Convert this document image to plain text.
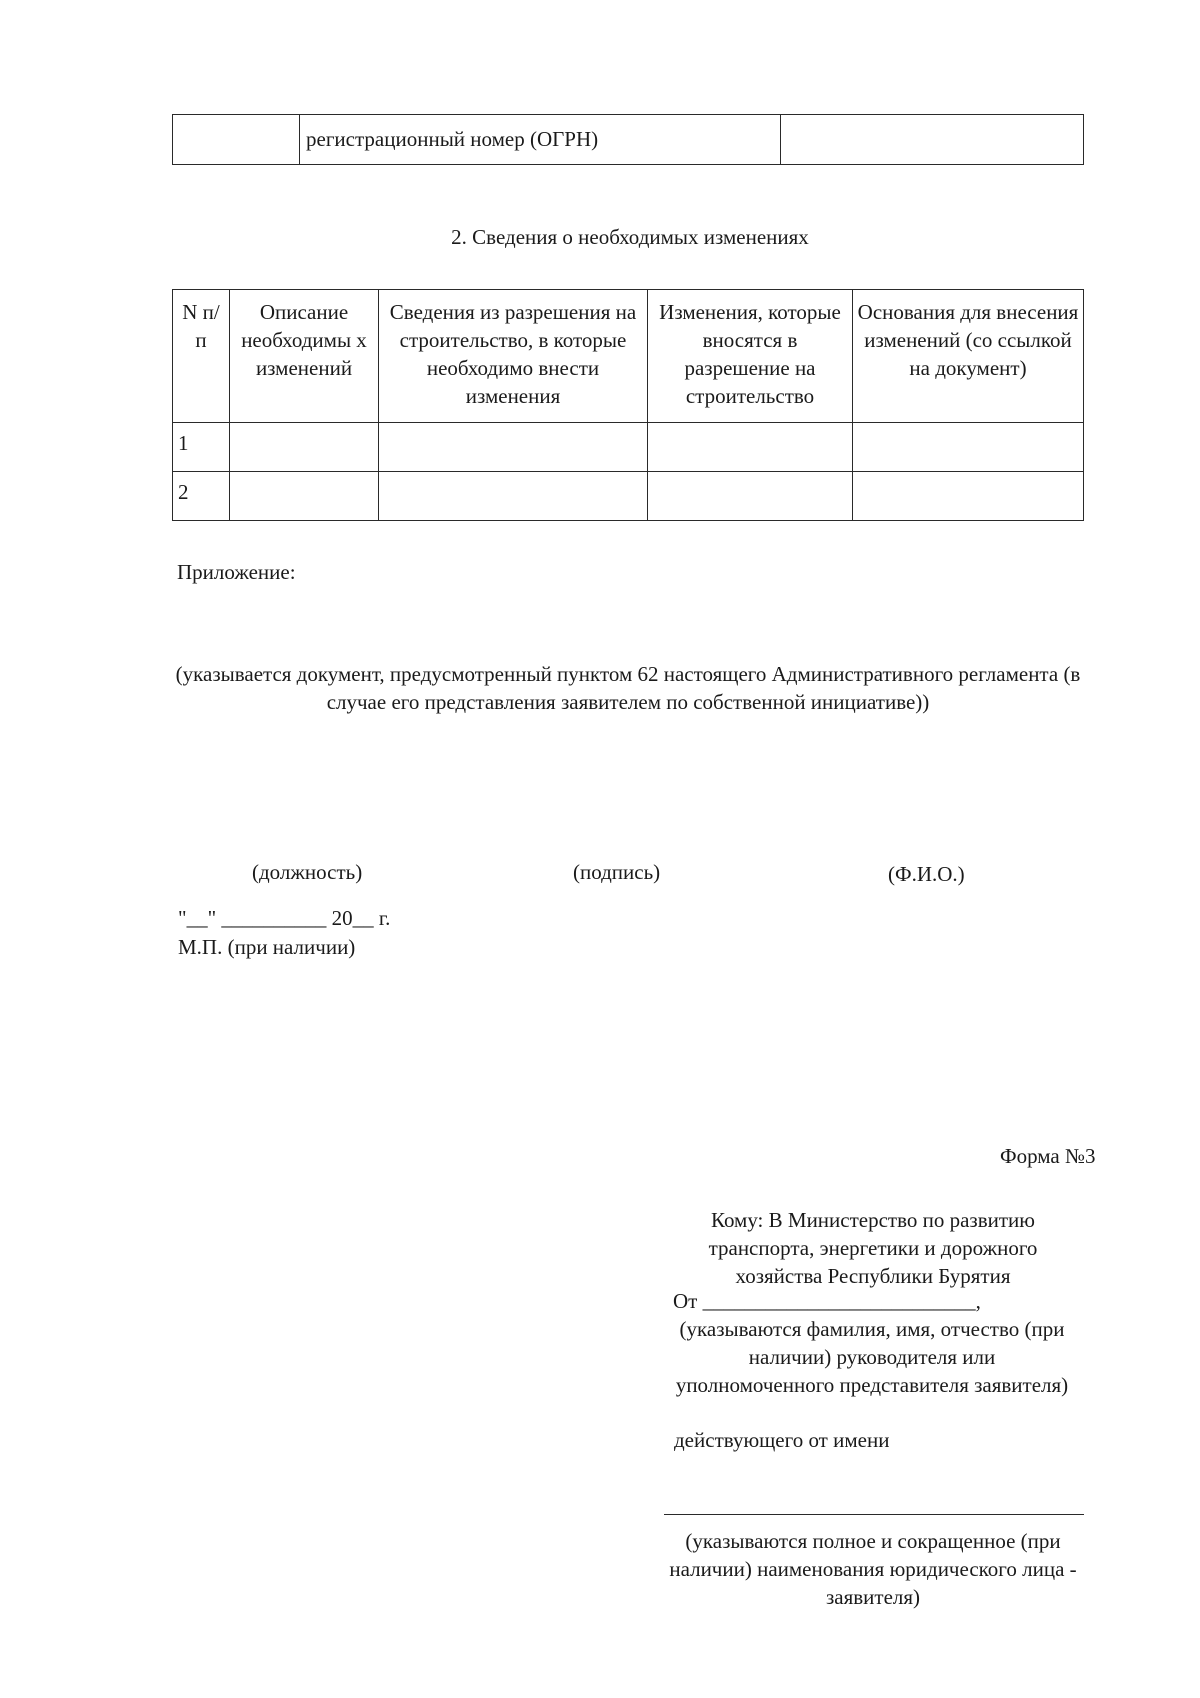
	регистрационный номер (ОГРН)	
2. Сведения о необходимых изменениях
N п/п	Описание необходимы х изменений	Сведения из разрешения на строительство, в которые необходимо внести изменения	Изменения, которые вносятся в разрешение на строительство	Основания для внесения изменений (со ссылкой на документ)
1				
2				
Приложение:
(указывается документ, предусмотренный пунктом 62 настоящего Административного регламента (в случае его представления заявителем по собственной инициативе))
(должность)	(подпись)	(Ф.И.О.)
"__" __________ 20__ г.
М.П. (при наличии)
Форма №3
Кому: В Министерство по развитию транспорта, энергетики и дорожного хозяйства Республики Бурятия
От __________________________,
(указываются фамилия, имя, отчество (при наличии) руководителя или уполномоченного представителя заявителя)
действующего от имени
(указываются полное и сокращенное (при наличии) наименования юридического лица - заявителя)
